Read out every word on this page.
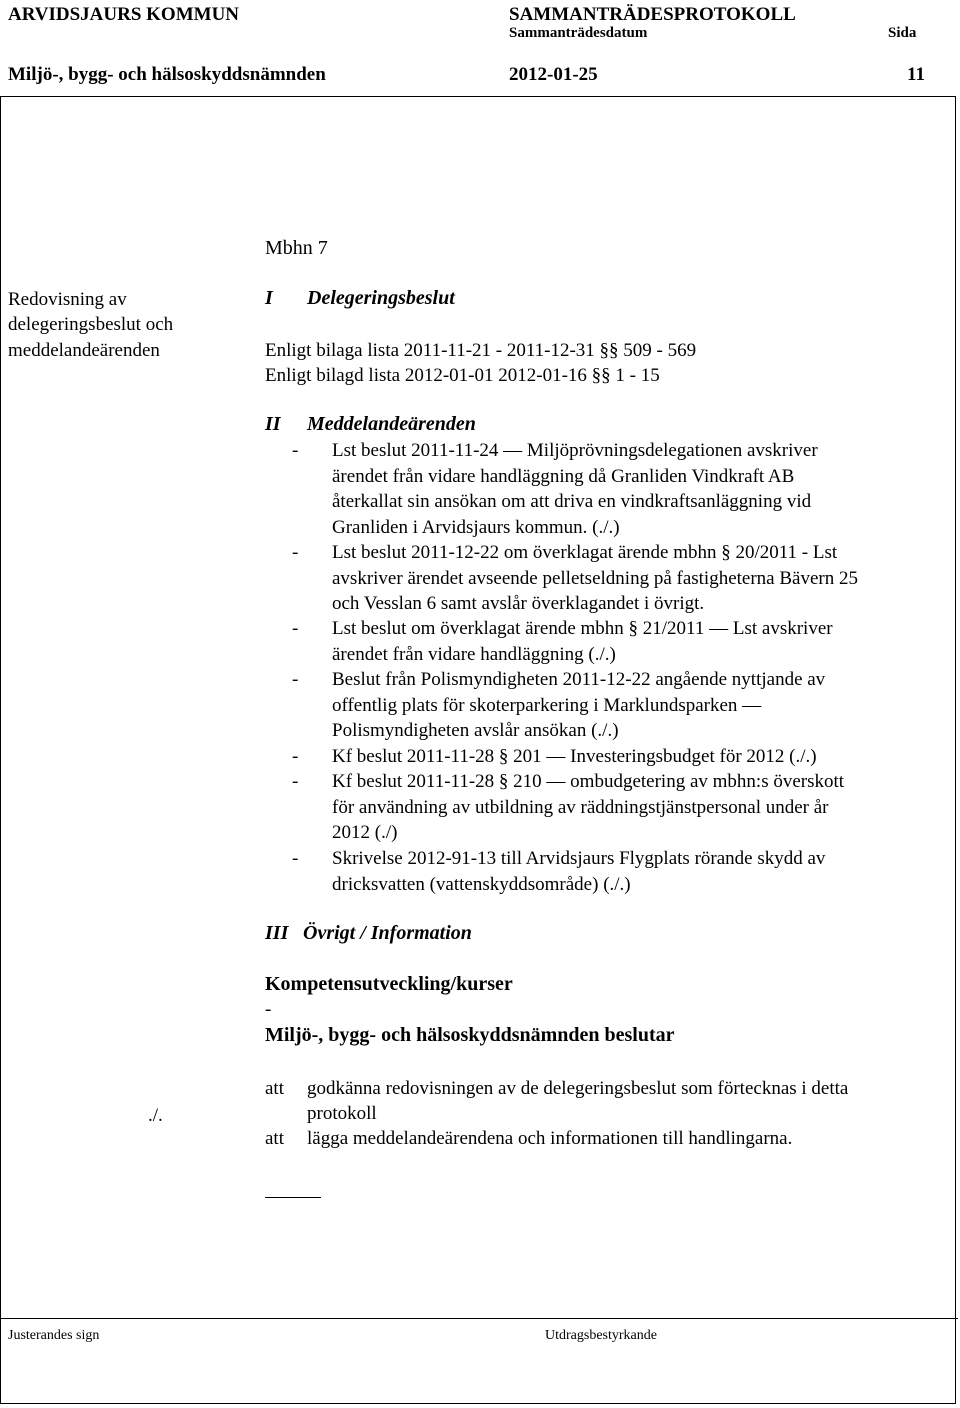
ARVIDSJAURS KOMMUN	SAMMANTRÄDESPROTOKOLL
Sammanträdesdatum	Sida
Miljö-, bygg- och hälsoskyddsnämnden	2012-01-25	11
Mbhn 7
Redovisning av
delegeringsbeslut och
meddelandeärenden
I Delegeringsbeslut
Enligt bilaga lista 2011-11-21 - 2011-12-31 §§ 509 - 569
Enligt bilagd lista 2012-01-01 2012-01-16 §§ 1 - 15
II Meddelandeärenden
- Lst beslut 2011-11-24 — Miljöprövningsdelegationen avskriver
ärendet från vidare handläggning då Granliden Vindkraft AB
återkallat sin ansökan om att driva en vindkraftsanläggning vid
Granliden i Arvidsjaurs kommun. (./.)
- Lst beslut 2011-12-22 om överklagat ärende mbhn § 20/2011 - Lst
avskriver ärendet avseende pelletseldning på fastigheterna Bävern 25
och Vesslan 6 samt avslår överklagandet i övrigt.
- Lst beslut om överklagat ärende mbhn § 21/2011 — Lst avskriver
ärendet från vidare handläggning (./.)
- Beslut från Polismyndigheten 2011-12-22 angående nyttjande av
offentlig plats för skoterparkering i Marklundsparken —
Polismyndigheten avslår ansökan (./.)
- Kf beslut 2011-11-28 § 201 — Investeringsbudget för 2012 (./.)
- Kf beslut 2011-11-28 § 210 — ombudgetering av mbhn:s överskott
för användning av utbildning av räddningstjänstpersonal under år
2012 (./)
- Skrivelse 2012-91-13 till Arvidsjaurs Flygplats rörande skydd av
dricksvatten (vattenskyddsområde) (./.)
III Övrigt / Information
Kompetensutveckling/kurser
-
Miljö-, bygg- och hälsoskyddsnämnden beslutar
./.
att godkänna redovisningen av de delegeringsbeslut som förtecknas i detta
protokoll
att lägga meddelandeärendena och informationen till handlingarna.
Justerandes sign	Utdragsbestyrkande
